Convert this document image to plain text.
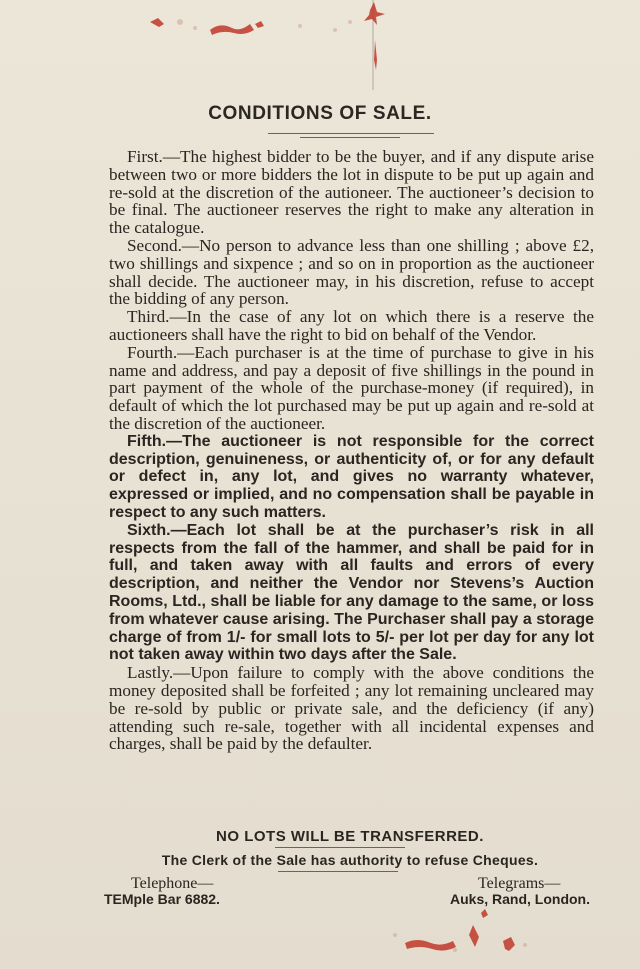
CONDITIONS OF SALE.

First.—The highest bidder to be the buyer, and if any dispute arise between two or more bidders the lot in dispute to be put up again and re-sold at the discretion of the autioneer. The auctioneer’s decision to be final. The auctioneer reserves the right to make any alteration in the catalogue.

Second.—No person to advance less than one shilling ; above £2, two shillings and sixpence ; and so on in proportion as the auctioneer shall decide. The auctioneer may, in his discretion, refuse to accept the bidding of any person.

Third.—In the case of any lot on which there is a reserve the auctioneers shall have the right to bid on behalf of the Vendor.

Fourth.—Each purchaser is at the time of purchase to give in his name and address, and pay a deposit of five shillings in the pound in part payment of the whole of the purchase-money (if required), in default of which the lot purchased may be put up again and re-sold at the discretion of the auctioneer.

Fifth.—The auctioneer is not responsible for the correct description, genuineness, or authenticity of, or for any default or defect in, any lot, and gives no warranty whatever, expressed or implied, and no compensation shall be payable in respect to any such matters.

Sixth.—Each lot shall be at the purchaser’s risk in all respects from the fall of the hammer, and shall be paid for in full, and taken away with all faults and errors of every description, and neither the Vendor nor Stevens’s Auction Rooms, Ltd., shall be liable for any damage to the same, or loss from whatever cause arising. The Purchaser shall pay a storage charge of from 1/- for small lots to 5/- per lot per day for any lot not taken away within two days after the Sale.

Lastly.—Upon failure to comply with the above conditions the money deposited shall be forfeited ; any lot remaining uncleared may be re-sold by public or private sale, and the deficiency (if any) attending such re-sale, together with all incidental expenses and charges, shall be paid by the defaulter.

NO LOTS WILL BE TRANSFERRED.
The Clerk of the Sale has authority to refuse Cheques.
Telephone—
TEMple Bar 6882.
Telegrams—
Auks, Rand, London.
